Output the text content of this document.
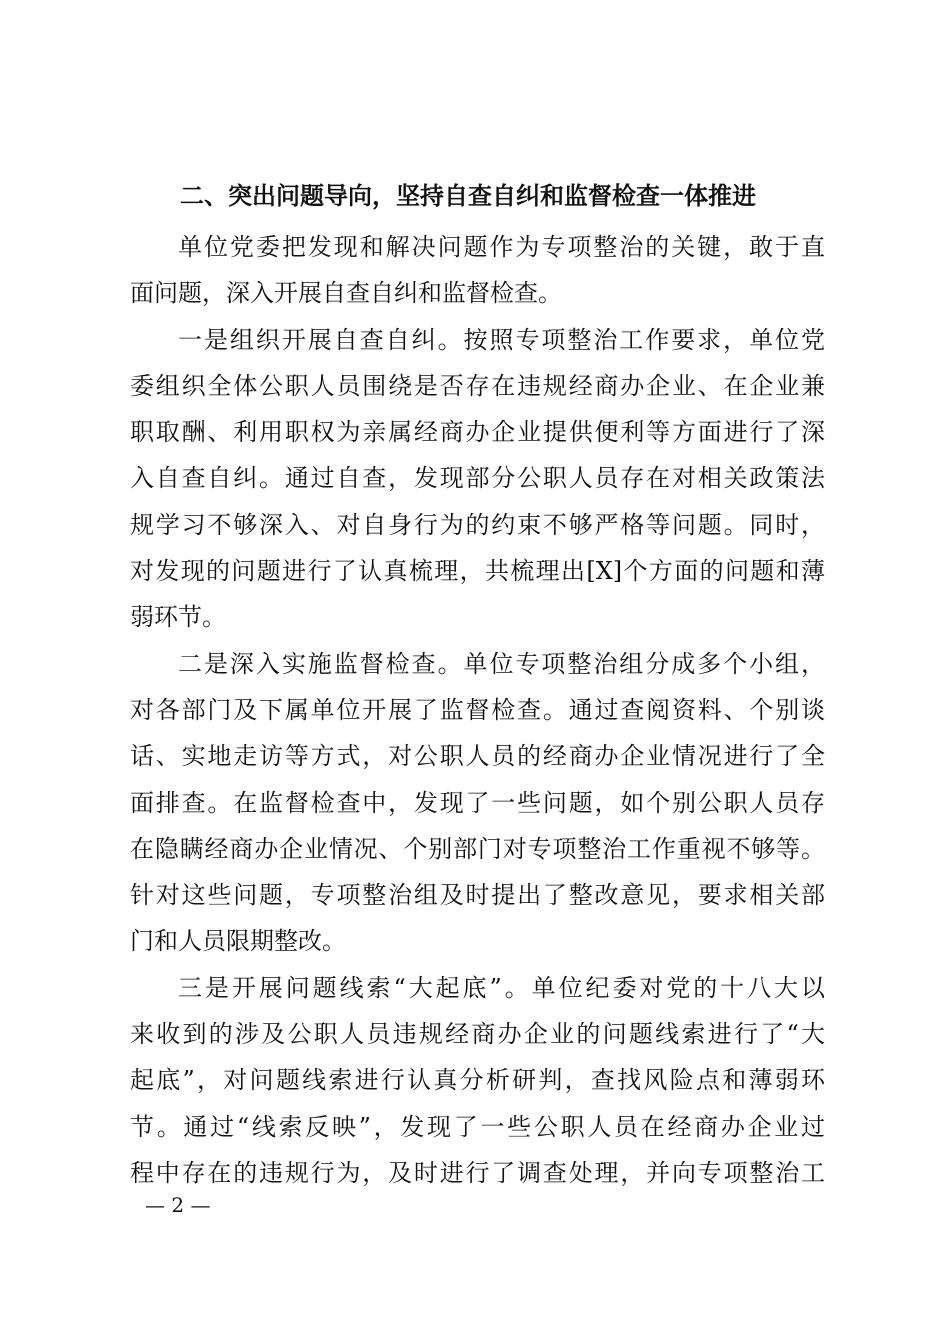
二、突出问题导向，坚持自查自纠和监督检查一体推进

单位党委把发现和解决问题作为专项整治的关键，敢于直
面问题，深入开展自查自纠和监督检查。

一是组织开展自查自纠。按照专项整治工作要求，单位党
委组织全体公职人员围绕是否存在违规经商办企业、在企业兼
职取酬、利用职权为亲属经商办企业提供便利等方面进行了深
入自查自纠。通过自查，发现部分公职人员存在对相关政策法
规学习不够深入、对自身行为的约束不够严格等问题。同时，
对发现的问题进行了认真梳理，共梳理出[X]个方面的问题和薄
弱环节。

二是深入实施监督检查。单位专项整治组分成多个小组，
对各部门及下属单位开展了监督检查。通过查阅资料、个别谈
话、实地走访等方式，对公职人员的经商办企业情况进行了全
面排查。在监督检查中，发现了一些问题，如个别公职人员存
在隐瞒经商办企业情况、个别部门对专项整治工作重视不够等。
针对这些问题，专项整治组及时提出了整改意见，要求相关部
门和人员限期整改。

三是开展问题线索“大起底”。单位纪委对党的十八大以
来收到的涉及公职人员违规经商办企业的问题线索进行了“大
起底”，对问题线索进行认真分析研判，查找风险点和薄弱环
节。通过“线索反映”，发现了一些公职人员在经商办企业过
程中存在的违规行为，及时进行了调查处理，并向专项整治工

— 2 —
